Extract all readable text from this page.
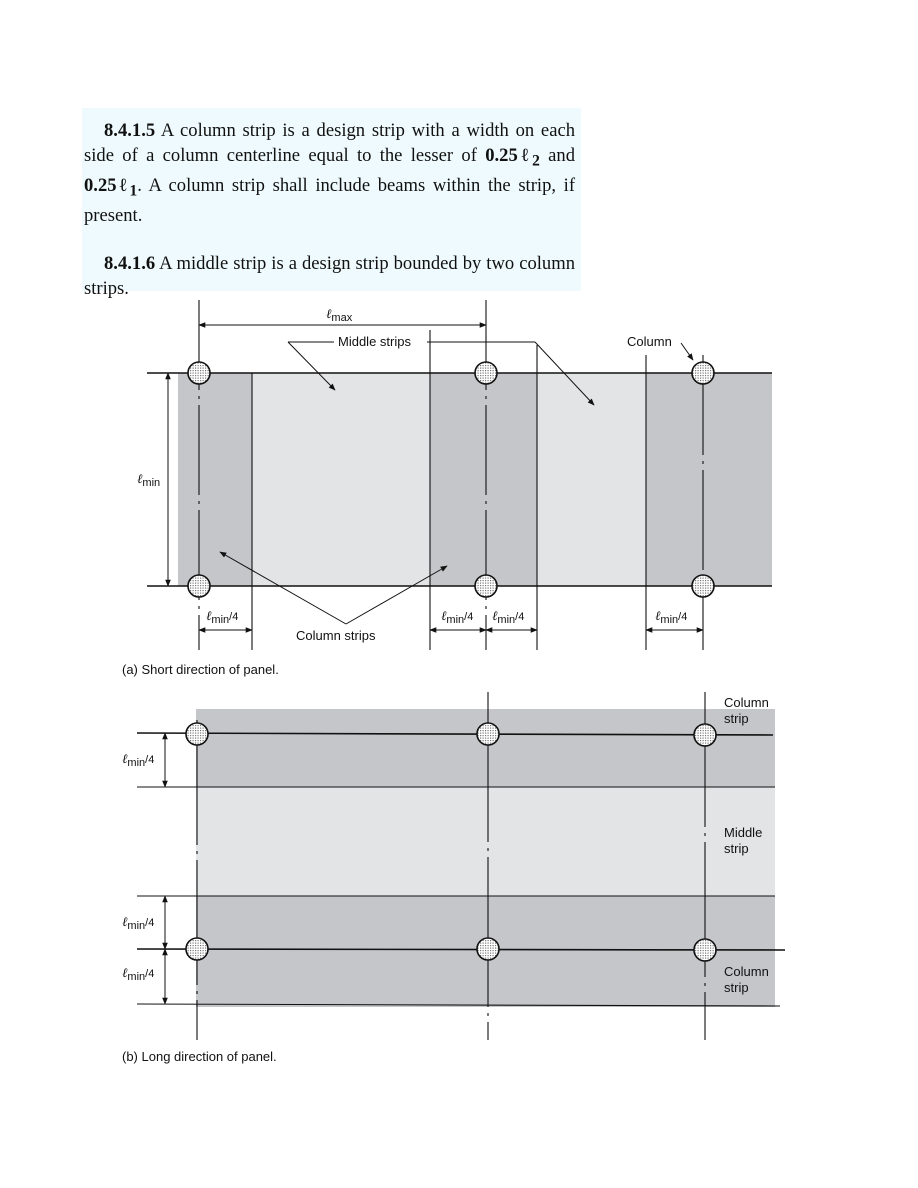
8.4.1.5 A column strip is a design strip with a width on each side of a column centerline equal to the lesser of 0.25ℓ$_2$ and 0.25ℓ$_1$. A column strip shall include beams within the strip, if present.

8.4.1.6 A middle strip is a design strip bounded by two column strips.

ℓmax
ℓmin
Middle strips	Column
Column strips
ℓmin/4	ℓmin/4 ℓmin/4	ℓmin/4
(a) Short direction of panel.
ℓmin/4
ℓmin/4
ℓmin/4
Column
strip
Middle
strip
Column
strip
(b) Long direction of panel.
